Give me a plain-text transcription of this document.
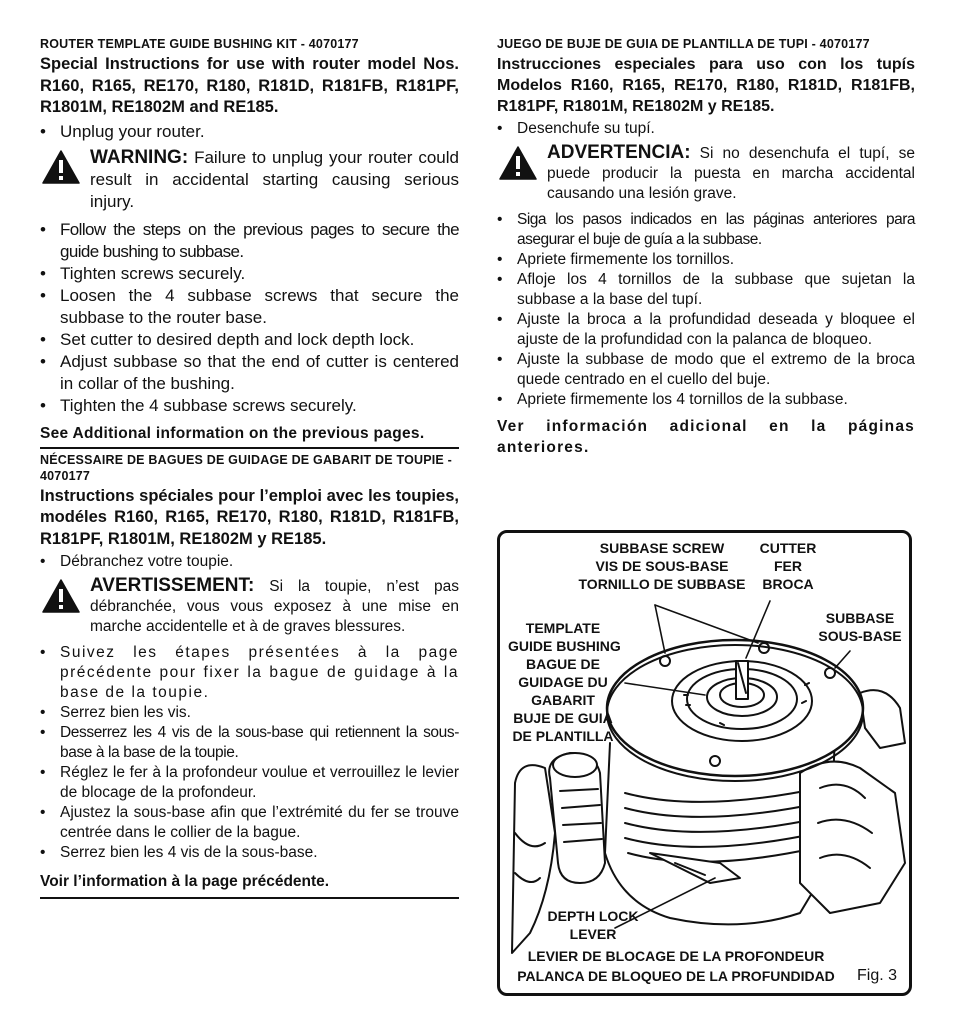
ROUTER TEMPLATE GUIDE BUSHING KIT - 4070177

Special Instructions for use with router model Nos. R160, R165, RE170, R180, R181D, R181FB, R181PF, R1801M, RE1802M and RE185.

• Unplug your router.
WARNING: Failure to unplug your router could result in accidental starting causing serious injury.
• Follow the steps on the previous pages to secure the guide bushing to subbase.
• Tighten screws securely.
• Loosen the 4 subbase screws that secure the subbase to the router base.
• Set cutter to desired depth and lock depth lock.
• Adjust subbase so that the end of cutter is centered in collar of the bushing.
• Tighten the 4 subbase screws securely.

See Additional information on the previous pages.

NÉCESSAIRE DE BAGUES DE GUIDAGE DE GABARIT DE TOUPIE - 4070177

Instructions spéciales pour l’emploi avec les toupies, modéles R160, R165, RE170, R180, R181D, R181FB, R181PF, R1801M, RE1802M y RE185.

• Débranchez votre toupie.
AVERTISSEMENT: Si la toupie, n’est pas débranchée, vous vous exposez à une mise en marche accidentelle et à de graves blessures.
• Suivez les étapes présentées à la page précédente pour fixer la bague de guidage à la base de la toupie.
• Serrez bien les vis.
• Desserrez les 4 vis de la sous-base qui retiennent la sous-base à la base de la toupie.
• Réglez le fer à la profondeur voulue et verrouillez le levier de blocage de la profondeur.
• Ajustez la sous-base afin que l’extrémité du fer se trouve centrée dans le collier de la bague.
• Serrez bien les 4 vis de la sous-base.

Voir l’information à la page précédente.

JUEGO DE BUJE DE GUIA DE PLANTILLA DE TUPI - 4070177

Instrucciones especiales para uso con los tupís Modelos R160, R165, RE170, R180, R181D, R181FB, R181PF, R1801M, RE1802M y RE185.

• Desenchufe su tupí.
ADVERTENCIA: Si no desenchufa el tupí, se puede producir la puesta en marcha accidental causando una lesión grave.
• Siga los pasos indicados en las páginas anteriores para asegurar el buje de guía a la subbase.
• Apriete firmemente los tornillos.
• Afloje los 4 tornillos de la subbase que sujetan la subbase a la base del tupí.
• Ajuste la broca a la profundidad deseada y bloquee el ajuste de la profundidad con la palanca de bloqueo.
• Ajuste la subbase de modo que el extremo de la broca quede centrado en el cuello del buje.
• Apriete firmemente los 4 tornillos de la subbase.

Ver información adicional en la páginas anteriores.

SUBBASE SCREW
VIS DE SOUS-BASE
TORNILLO DE SUBBASE
CUTTER
FER
BROCA
SUBBASE
SOUS-BASE
TEMPLATE
GUIDE BUSHING
BAGUE DE
GUIDAGE DU
GABARIT
BUJE DE GUIA
DE PLANTILLA
DEPTH LOCK
LEVER
LEVIER DE BLOCAGE DE LA PROFONDEUR
PALANCA DE BLOQUEO DE LA PROFUNDIDAD	Fig. 3
